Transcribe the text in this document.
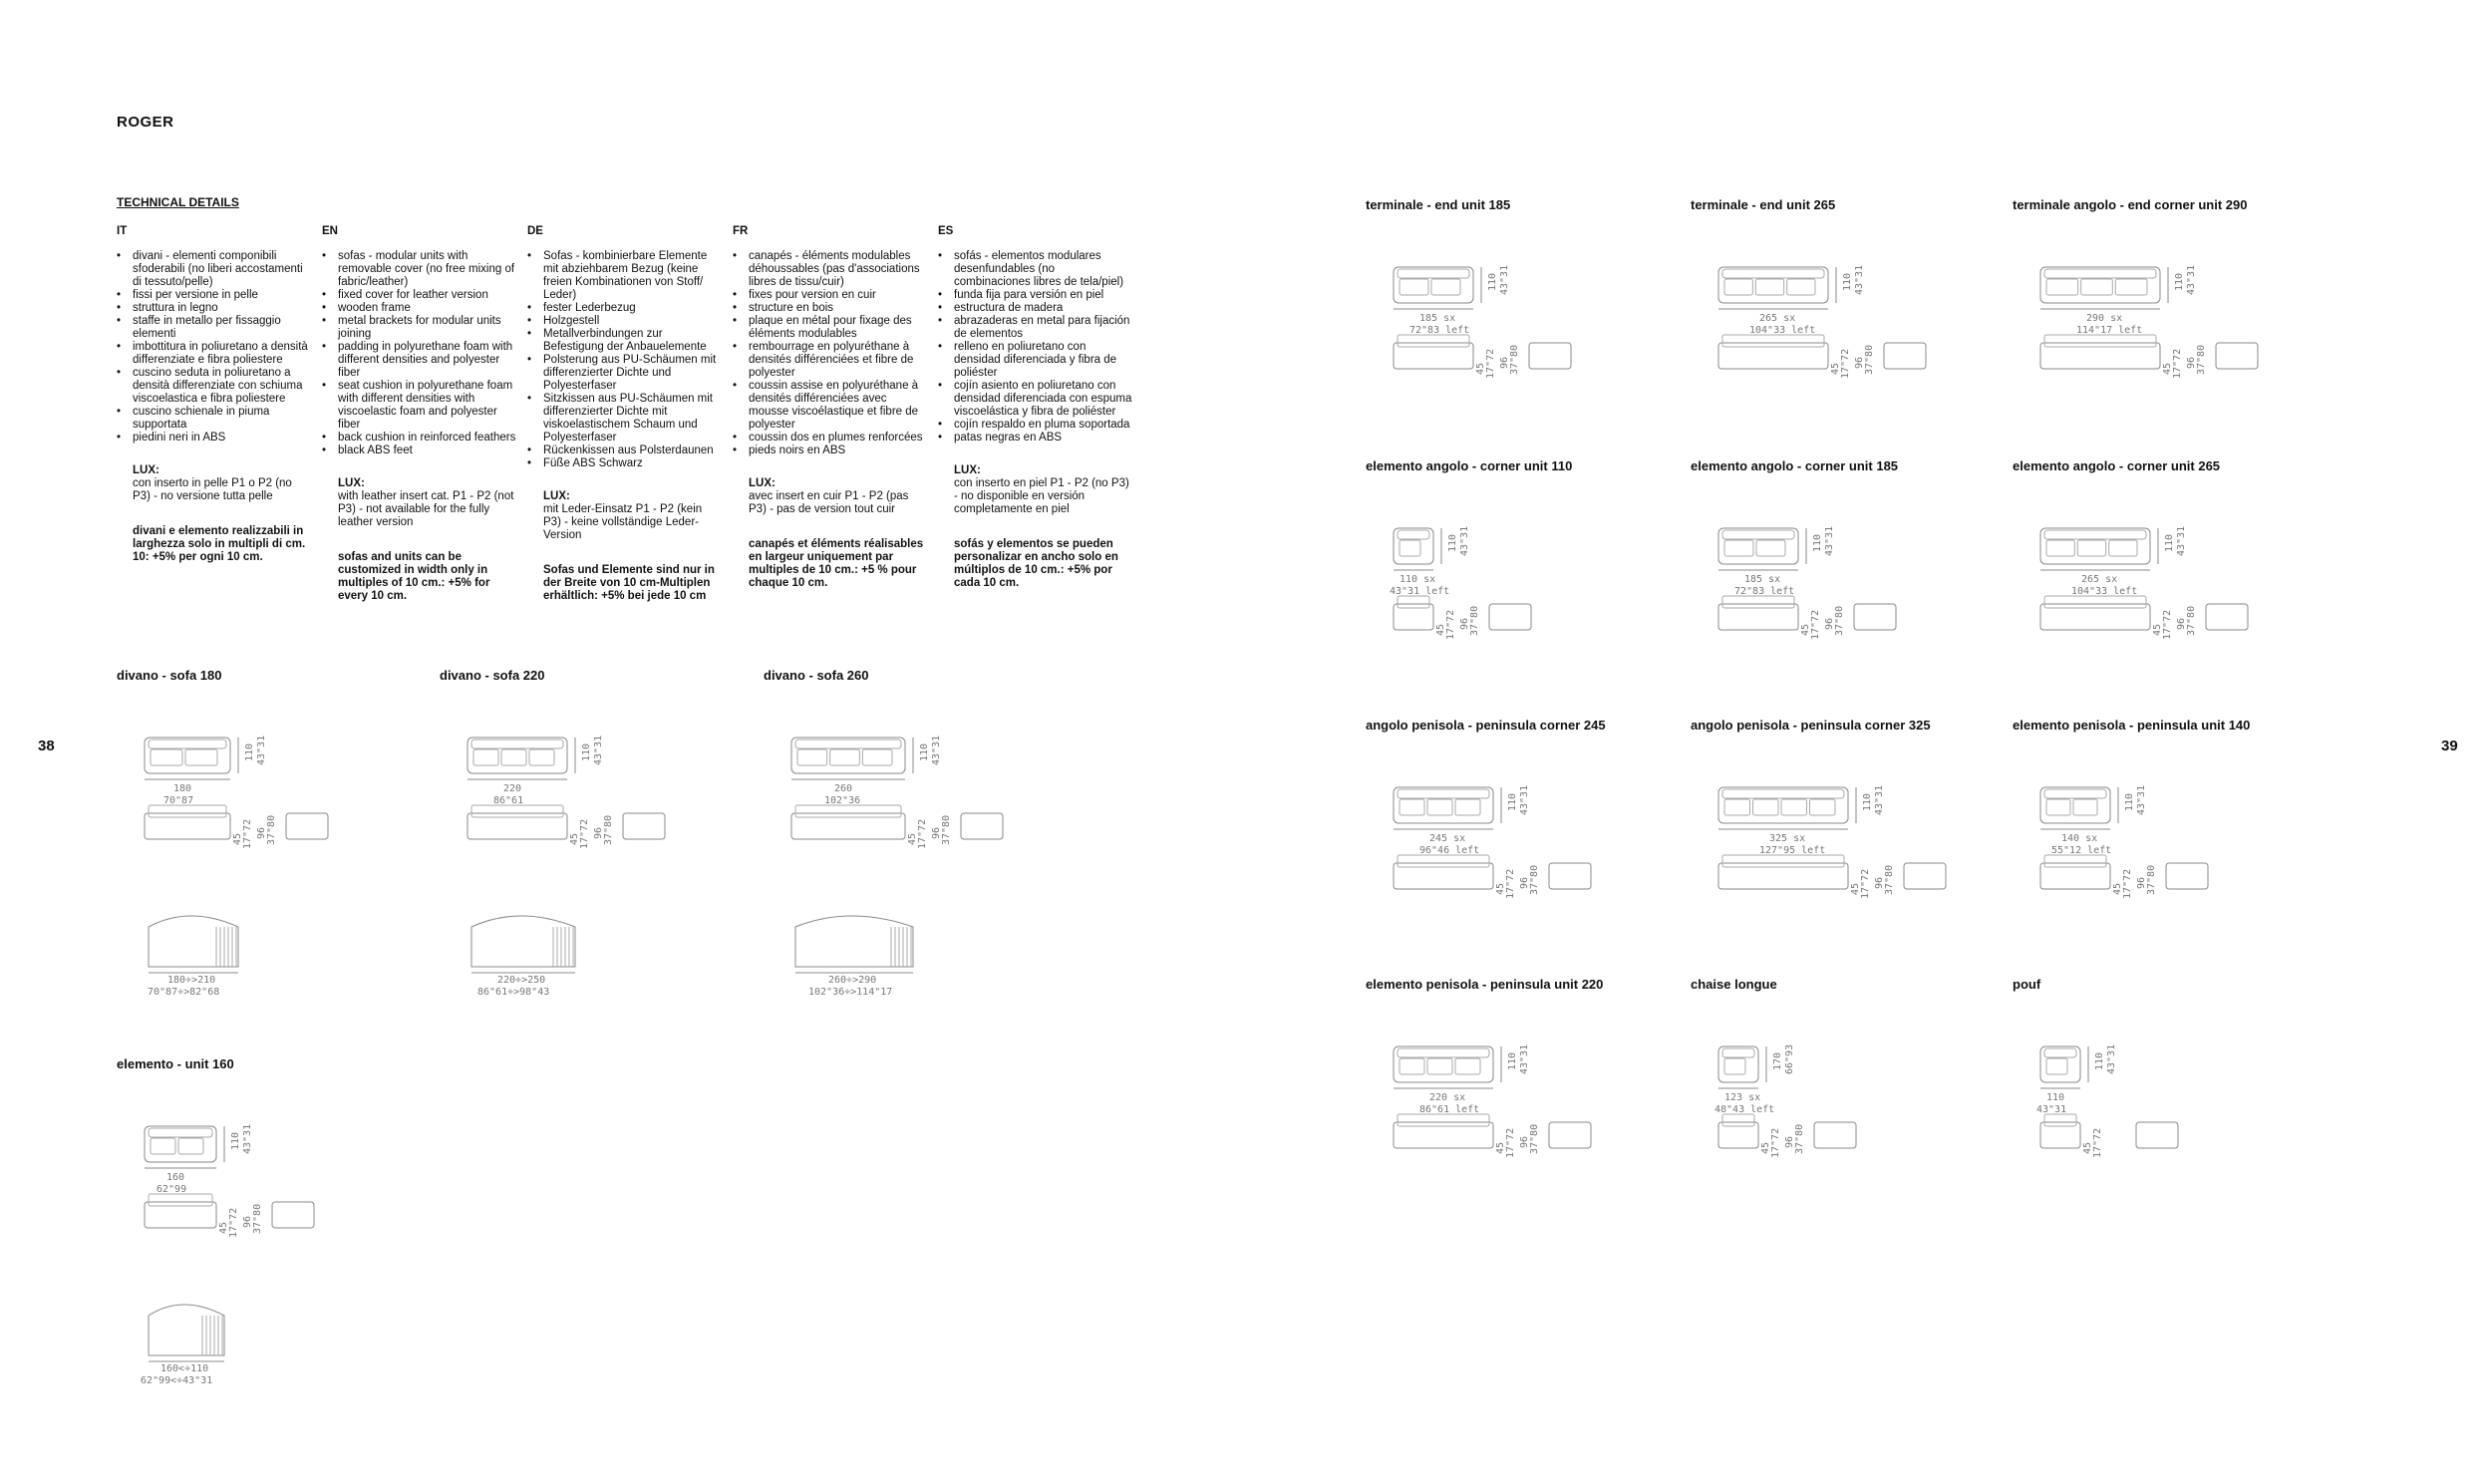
ROGER
TECHNICAL DETAILS
IT
• divani - elementi componibili sfoderabili (no liberi accostamenti di tessuto/pelle)
• fissi per versione in pelle
• struttura in legno
• staffe in metallo per fissaggio elementi
• imbottitura in poliuretano a densità differenziate e fibra poliestere
• cuscino seduta in poliuretano a densità differenziate con schiuma viscoelastica e fibra poliestere
• cuscino schienale in piuma supportata
• piedini neri in ABS
LUX:
con inserto in pelle P1 o P2 (no P3) - no versione tutta pelle
divani e elemento realizzabili in larghezza solo in multipli di cm. 10: +5% per ogni 10 cm.
EN
• sofas - modular units with removable cover (no free mixing of fabric/leather)
• fixed cover for leather version
• wooden frame
• metal brackets for modular units joining
• padding in polyurethane foam with different densities and polyester fiber
• seat cushion in polyurethane foam with different densities with viscoelastic foam and polyester fiber
• back cushion in reinforced feathers
• black ABS feet
LUX:
with leather insert cat. P1 - P2 (not P3) - not available for the fully leather version
sofas and units can be customized in width only in multiples of 10 cm.: +5% for every 10 cm.
DE
• Sofas - kombinierbare Elemente mit abziehbarem Bezug (keine freien Kombinationen von Stoff/ Leder)
• fester Lederbezug
• Holzgestell
• Metallverbindungen zur Befestigung der Anbauelemente
• Polsterung aus PU-Schäumen mit differenzierter Dichte und Polyesterfaser
• Sitzkissen aus PU-Schäumen mit differenzierter Dichte mit viskoelastischem Schaum und Polyesterfaser
• Rückenkissen aus Polsterdaunen
• Füße ABS Schwarz
LUX:
mit Leder-Einsatz P1 - P2 (kein P3) - keine vollständige Leder-Version
Sofas und Elemente sind nur in der Breite von 10 cm-Multiplen erhältlich: +5% bei jede 10 cm
FR
• canapés - éléments modulables déhoussables (pas d'associations libres de tissu/cuir)
• fixes pour version en cuir
• structure en bois
• plaque en métal pour fixage des éléments modulables
• rembourrage en polyuréthane à densités différenciées et fibre de polyester
• coussin assise en polyuréthane à densités différenciées avec mousse viscoélastique et fibre de polyester
• coussin dos en plumes renforcées
• pieds noirs en ABS
LUX:
avec insert en cuir P1 - P2 (pas P3) - pas de version tout cuir
canapés et éléments réalisables en largeur uniquement par multiples de 10 cm.: +5 % pour chaque 10 cm.
ES
• sofás - elementos modulares desenfundables (no combinaciones libres de tela/piel)
• funda fija para versión en piel
• estructura de madera
• abrazaderas en metal para fijación de elementos
• relleno en poliuretano con densidad diferenciada y fibra de poliéster
• cojín asiento en poliuretano con densidad diferenciada con espuma viscoelástica y fibra de poliéster
• cojín respaldo en pluma soportada
• patas negras en ABS
LUX:
con inserto en piel P1 - P2 (no P3) - no disponible en versión completamente en piel
sofás y elementos se pueden personalizar en ancho solo en múltiplos de 10 cm.: +5% por cada 10 cm.
38	39
divano - sofa 180
110 43"31
180
70"87
45 17"72 96 37"80
180÷>210
70"87÷>82"68
divano - sofa 220
110 43"31
220
86"61
45 17"72 96 37"80
220÷>250
86"61÷>98"43
divano - sofa 260
110 43"31
260
102"36
45 17"72 96 37"80
260÷>290
102"36÷>114"17
elemento - unit 160
110 43"31
160
62"99
45 17"72 96 37"80
160<÷110
62"99<÷43"31
terminale - end unit 185
110 43"31
185 sx
72"83 left
45 17"72 96 37"80
terminale - end unit 265
110 43"31
265 sx
104"33 left
45 17"72 96 37"80
terminale angolo - end corner unit 290
110 43"31
290 sx
114"17 left
45 17"72 96 37"80
elemento angolo - corner unit 110
110 43"31
110 sx
43"31 left
45 17"72 96 37"80
elemento angolo - corner unit 185
110 43"31
185 sx
72"83 left
45 17"72 96 37"80
elemento angolo - corner unit 265
110 43"31
265 sx
104"33 left
45 17"72 96 37"80
angolo penisola - peninsula corner 245
110 43"31
245 sx
96"46 left
45 17"72 96 37"80
angolo penisola - peninsula corner 325
110 43"31
325 sx
127"95 left
45 17"72 96 37"80
elemento penisola - peninsula unit 140
110 43"31
140 sx
55"12 left
45 17"72 96 37"80
elemento penisola - peninsula unit 220
110 43"31
220 sx
86"61 left
45 17"72 96 37"80
chaise longue
170 66"93
123 sx
48"43 left
45 17"72 96 37"80
pouf
110 43"31
110
43"31
45 17"72
